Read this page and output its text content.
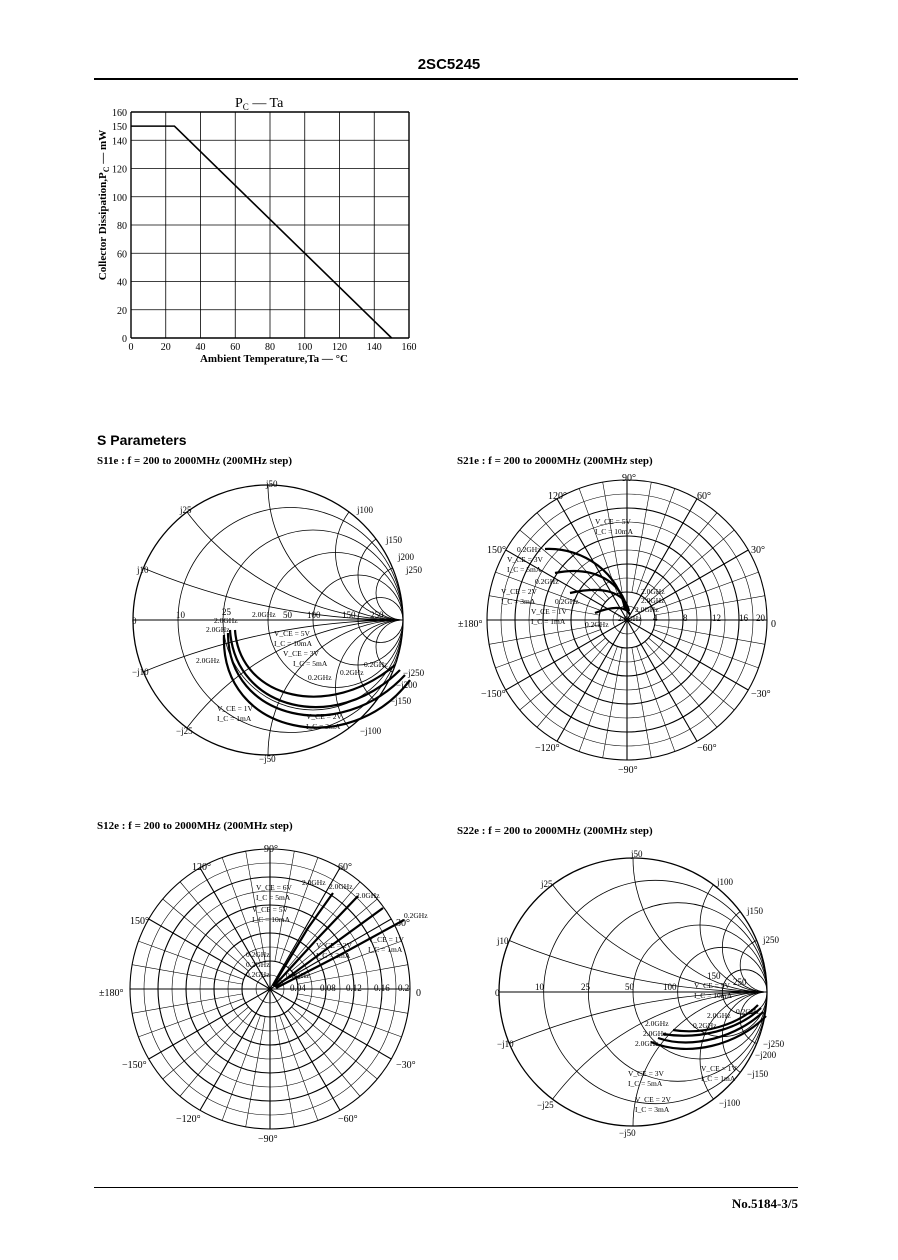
2SC5245
0
20
40
60
80
100
120
140
150
160
0	20 40 60 80 100 120 140 160
$P_C$ — Ta
Ambient Temperature,Ta — °C
Collector $Dissipation,P_C$ — mW
S Parameters
S11e : f = 200 to 2000MHz (200MHz step)	S21e : f = 200 to 2000MHz (200MHz step)
S12e : f = 200 to 2000MHz (200MHz step)	S22e : f = 200 to 2000MHz (200MHz step)
j50
j25	j100
j150
j200
j250
j10
0
10	25	50 100 150 250
−j10
−j25
−j50
−j100
−j150
−j200
−j250
2.0GHz
2.0GHz
2.0GHz
2.0GHz
V_CE = 5V
I_C = 10mA
V_CE = 3V
I_C = 5mA
0.2GHz
0.2GHz
0.2GHz
V_CE = 1V
I_C = 1mA	V_CE = 2V
I_C = 3mA
90°
60°
30°
0
−30°
−60°
−90°
−120°
−150°
±180°
150°
120°
4	8	12 16 20
V_CE = 5V
I_C = 10mA
0.2GHz
V_CE = 3V
I_C = 5mA
0.2GHz
V_CE = 2V
I_C = 3mA	0.2GHz
V_CE = 1V
I_C = 1mA	0.2GHz
2.0GHz
2.0GHz
2.0GHz
2.0GHz
90°
60°
30°
0
−30°
−60°
−90°
−120°
−150°
±180°
150°
120°
0.04 0.08 0.12 0.16 0.2
V_CE = 6V
I_C = 5mA
2.0GHz 2.0GHz
2.0GHz
V_CE = 5V
I_C = 10mA	0.2GHz
V_CE = 2V
I_C = 3mA
V_CE = 1V
I_C = 1mA
0.2GHz
0.2GHz
0.2GHz 0.2GHz
j50
j25	j100
j150
j250
j10
0
10	25	50	100
150
250
−j10
−j25
−j50
−j100
−j150
−j200
−j250
V_CE = 5V
I_C = 10mA
0.2GHz
2.0GHz
2.0GHz
2.0GHz
0.2GHz
2.0GHz
V_CE = 3V
I_C = 5mA
V_CE = 1V
I_C = 1mA
V_CE = 2V
I_C = 3mA
No.5184-3/5
